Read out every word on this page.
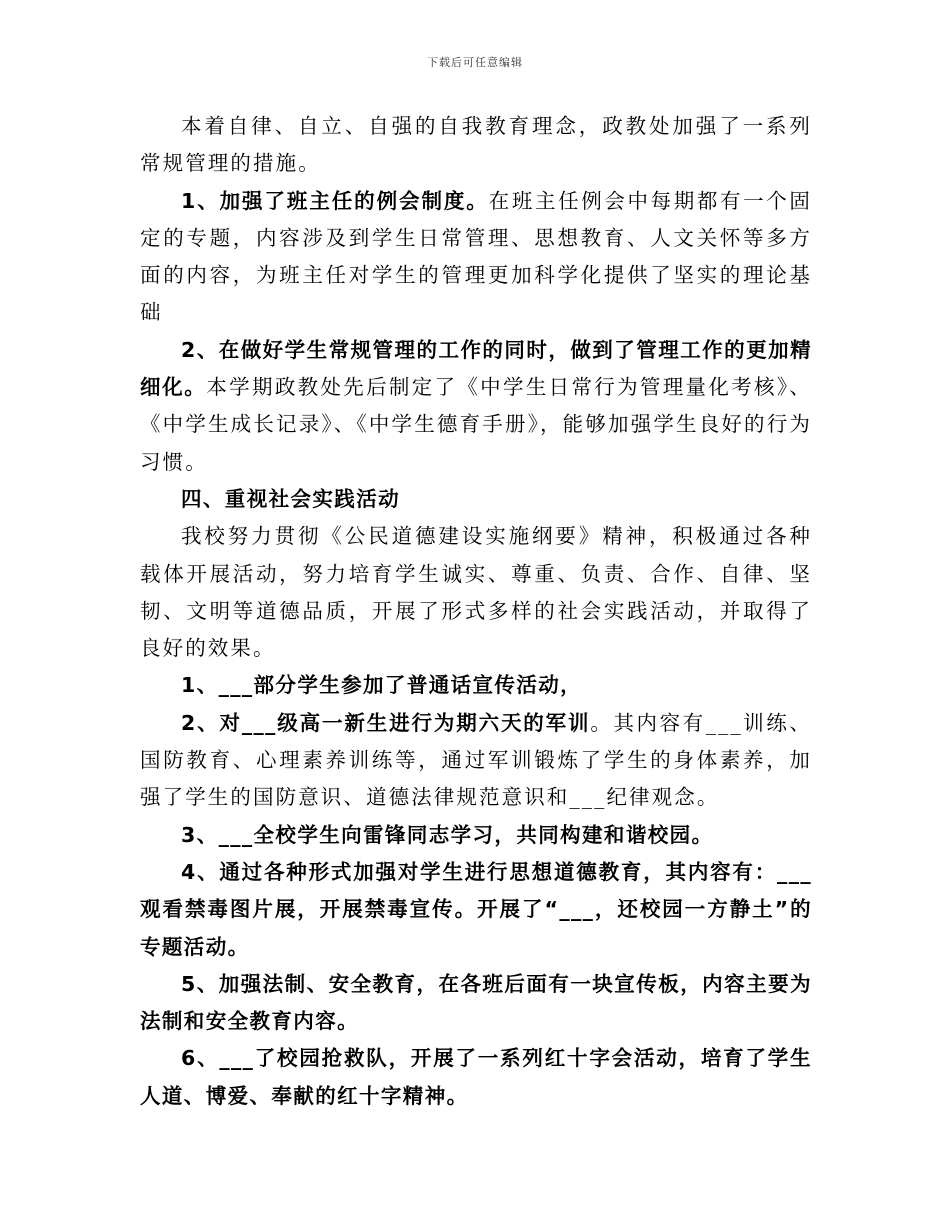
下载后可任意编辑

本着自律、自立、自强的自我教育理念，政教处加强了一系列常规管理的措施。

1、加强了班主任的例会制度。在班主任例会中每期都有一个固定的专题，内容涉及到学生日常管理、思想教育、人文关怀等多方面的内容，为班主任对学生的管理更加科学化提供了坚实的理论基础

2、在做好学生常规管理的工作的同时，做到了管理工作的更加精细化。本学期政教处先后制定了《中学生日常行为管理量化考核》、《中学生成长记录》、《中学生德育手册》，能够加强学生良好的行为习惯。

四、重视社会实践活动

我校努力贯彻《公民道德建设实施纲要》精神，积极通过各种载体开展活动，努力培育学生诚实、尊重、负责、合作、自律、坚韧、文明等道德品质，开展了形式多样的社会实践活动，并取得了良好的效果。

1、___部分学生参加了普通话宣传活动，

2、对___级高一新生进行为期六天的军训。其内容有___训练、国防教育、心理素养训练等，通过军训锻炼了学生的身体素养，加强了学生的国防意识、道德法律规范意识和___纪律观念。

3、___全校学生向雷锋同志学习，共同构建和谐校园。

4、通过各种形式加强对学生进行思想道德教育，其内容有：___观看禁毒图片展，开展禁毒宣传。开展了“___，还校园一方静土”的专题活动。

5、加强法制、安全教育，在各班后面有一块宣传板，内容主要为法制和安全教育内容。

6、___了校园抢救队，开展了一系列红十字会活动，培育了学生人道、博爱、奉献的红十字精神。
